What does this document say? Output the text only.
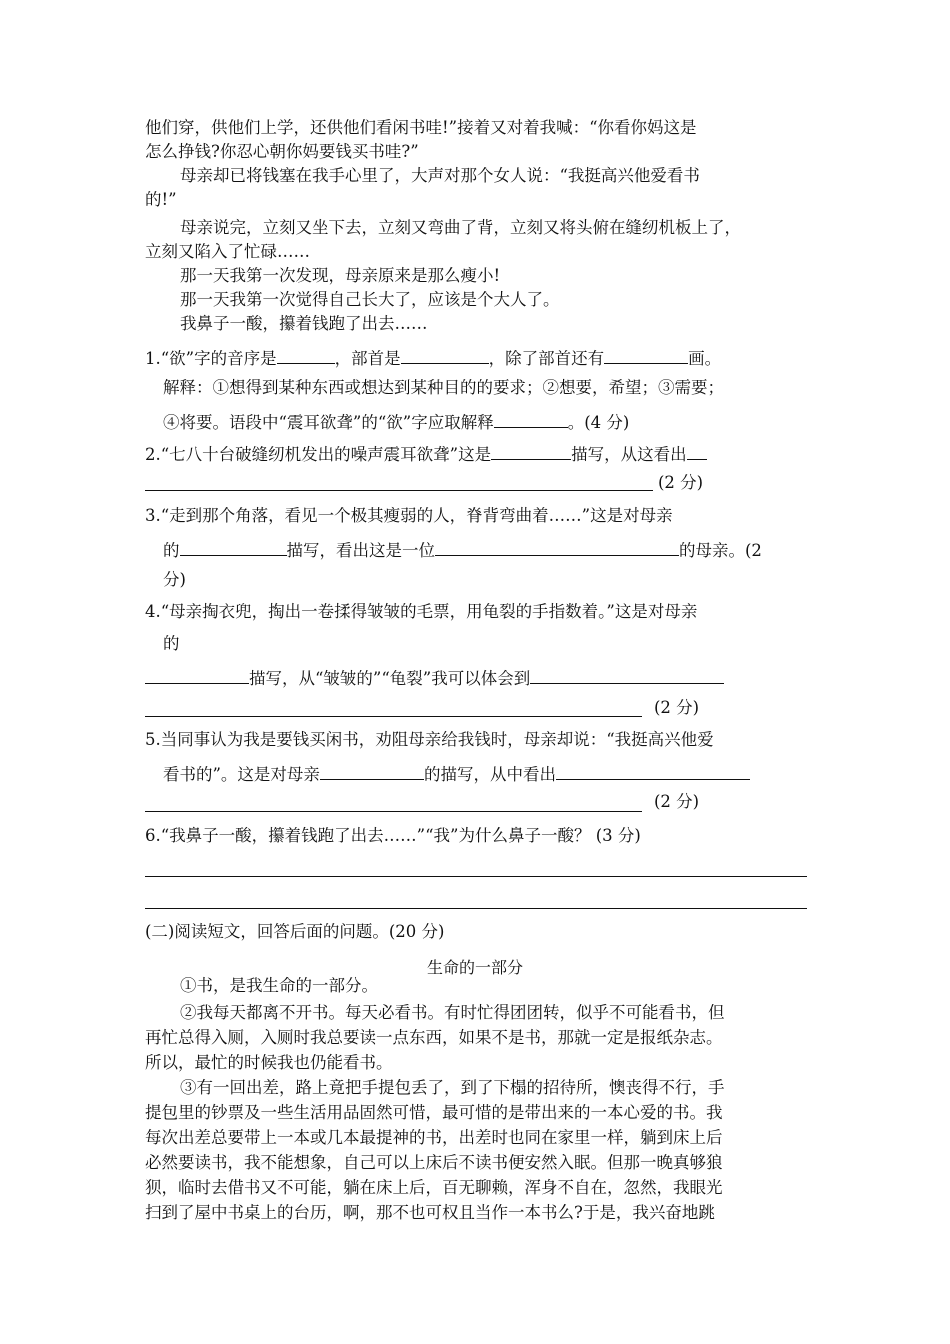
他们穿，供他们上学，还供他们看闲书哇!”接着又对着我喊：“你看你妈这是
怎么挣钱?你忍心朝你妈要钱买书哇?”
母亲却已将钱塞在我手心里了，大声对那个女人说：“我挺高兴他爱看书
的!”
母亲说完，立刻又坐下去，立刻又弯曲了背，立刻又将头俯在缝纫机板上了，
立刻又陷入了忙碌……
那一天我第一次发现，母亲原来是那么瘦小!
那一天我第一次觉得自己长大了，应该是个大人了。
我鼻子一酸，攥着钱跑了出去……
1.“欲”字的音序是	，部首是	，除了部首还有	画。
解释：①想得到某种东西或想达到某种目的的要求；②想要，希望；③需要；
④将要。语段中“震耳欲聋”的“欲”字应取解释	。(4 分)
2.“七八十台破缝纫机发出的噪声震耳欲聋”这是	描写，从这看出
(2 分)
3.“走到那个角落，看见一个极其瘦弱的人，脊背弯曲着……”这是对母亲
的	描写，看出这是一位	的母亲。(2
分)
4.“母亲掏衣兜，掏出一卷揉得皱皱的毛票，用龟裂的手指数着。”这是对母亲
的
描写，从“皱皱的”“龟裂”我可以体会到
(2 分)
5.当同事认为我是要钱买闲书，劝阻母亲给我钱时，母亲却说：“我挺高兴他爱
看书的”。这是对母亲	的描写，从中看出
(2 分)
6.“我鼻子一酸，攥着钱跑了出去……”“我”为什么鼻子一酸？ (3 分)
(二)阅读短文，回答后面的问题。(20 分)
生命的一部分
①书，是我生命的一部分。
②我每天都离不开书。每天必看书。有时忙得团团转，似乎不可能看书，但
再忙总得入厕，入厕时我总要读一点东西，如果不是书，那就一定是报纸杂志。
所以，最忙的时候我也仍能看书。
③有一回出差，路上竟把手提包丢了，到了下榻的招待所，懊丧得不行，手
提包里的钞票及一些生活用品固然可惜，最可惜的是带出来的一本心爱的书。我
每次出差总要带上一本或几本最提神的书，出差时也同在家里一样，躺到床上后
必然要读书，我不能想象，自己可以上床后不读书便安然入眠。但那一晚真够狼
狈，临时去借书又不可能，躺在床上后，百无聊赖，浑身不自在，忽然，我眼光
扫到了屋中书桌上的台历，啊，那不也可权且当作一本书么?于是，我兴奋地跳
